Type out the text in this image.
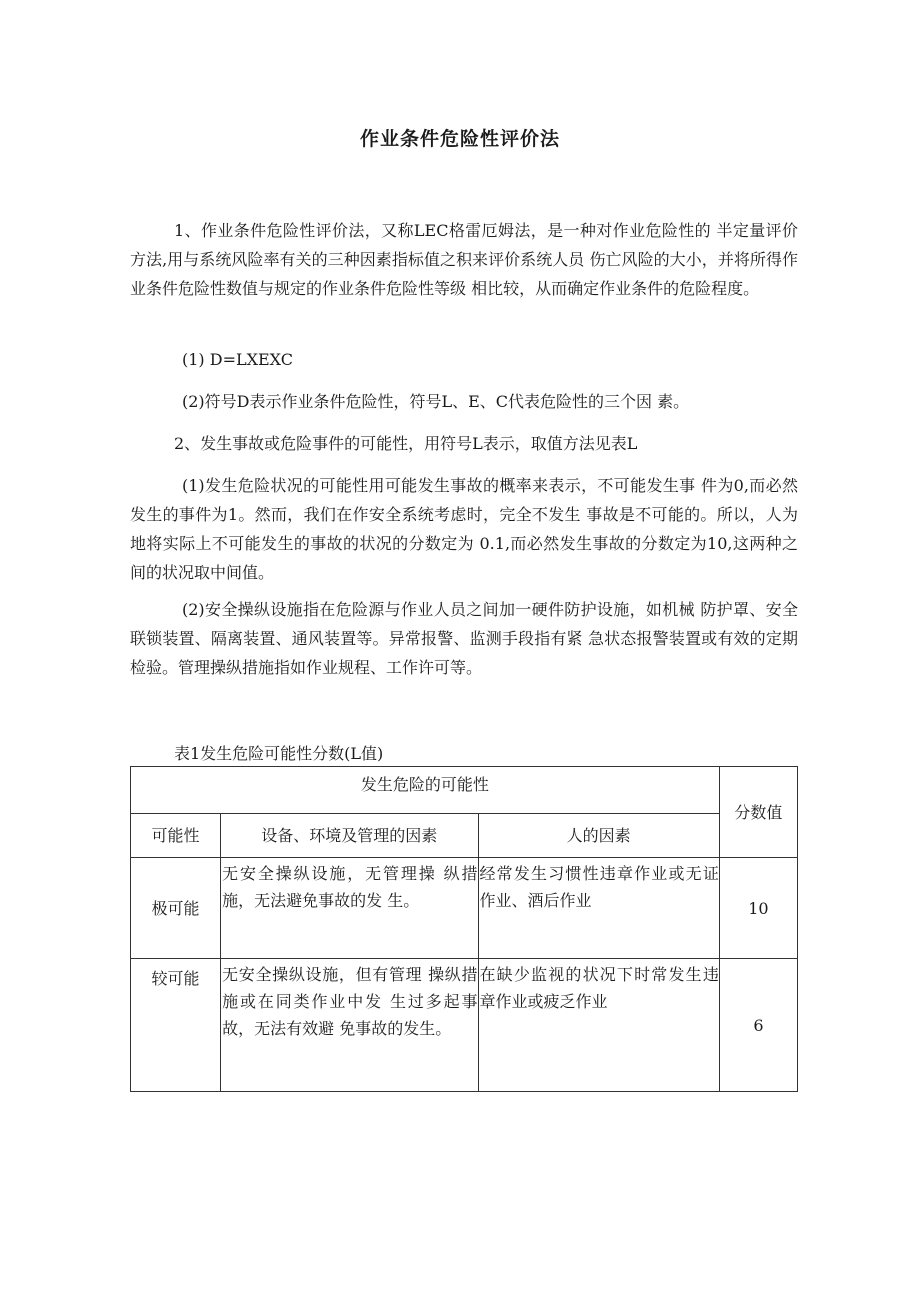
作业条件危险性评价法
1、作业条件危险性评价法，又称LEC格雷厄姆法，是一种对作业危险性的 半定量评价方法,用与系统风险率有关的三种因素指标值之积来评价系统人员 伤亡风险的大小，并将所得作业条件危险性数值与规定的作业条件危险性等级 相比较，从而确定作业条件的危险程度。
(1) D=LXEXC
(2)符号D表示作业条件危险性，符号L、E、C代表危险性的三个因 素。
2、发生事故或危险事件的可能性，用符号L表示，取值方法见表L
(1)发生危险状况的可能性用可能发生事故的概率来表示，不可能发生事 件为0,而必然发生的事件为1。然而，我们在作安全系统考虑时，完全不发生 事故是不可能的。所以，人为地将实际上不可能发生的事故的状况的分数定为 0.1,而必然发生事故的分数定为10,这两种之间的状况取中间值。
(2)安全操纵设施指在危险源与作业人员之间加一硬件防护设施，如机械 防护罩、安全联锁装置、隔离装置、通风装置等。异常报警、监测手段指有紧 急状态报警装置或有效的定期检验。管理操纵措施指如作业规程、工作许可等。
表1发生危险可能性分数(L值)
发生危险的可能性			分数值
可能性	设备、环境及管理的因素	人的因素	
极可能	无安全操纵设施，无管理操 纵措施，无法避免事故的发 生。	经常发生习惯性违章作业或无证作业、酒后作业	10
较可能	无安全操纵设施，但有管理 操纵措施或在同类作业中发 生过多起事故，无法有效避 免事故的发生。	在缺少监视的状况下时常发生违章作业或疲乏作业	6
